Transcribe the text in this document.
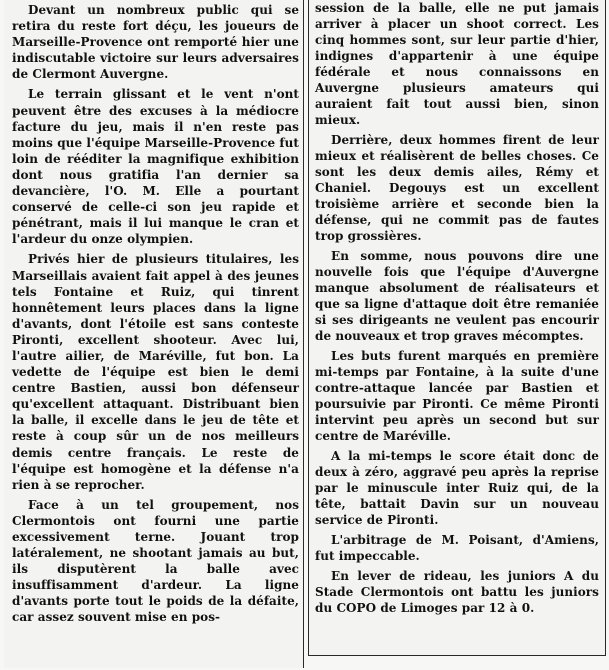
Devant un nombreux public qui se retira du reste fort déçu, les joueurs de Marseille-Provence ont remporté hier une indiscutable victoire sur leurs adversaires de Clermont Auvergne.

Le terrain glissant et le vent n'ont peuvent être des excuses à la médiocre facture du jeu, mais il n'en reste pas moins que l'équipe Marseille-Provence fut loin de rééditer la magnifique exhibition dont nous gratifia l'an dernier sa devancière, l'O. M. Elle a pourtant conservé de celle-ci son jeu rapide et pénétrant, mais il lui manque le cran et l'ardeur du onze olympien.

Privés hier de plusieurs titulaires, les Marseillais avaient fait appel à des jeunes tels Fontaine et Ruiz, qui tinrent honnêtement leurs places dans la ligne d'avants, dont l'étoile est sans conteste Pironti, excellent shooteur. Avec lui, l'autre ailier, de Maréville, fut bon. La vedette de l'équipe est bien le demi centre Bastien, aussi bon défenseur qu'excellent attaquant. Distribuant bien la balle, il excelle dans le jeu de tête et reste à coup sûr un de nos meilleurs demis centre français. Le reste de l'équipe est homogène et la défense n'a rien à se reprocher.

Face à un tel groupement, nos Clermontois ont fourni une partie excessivement terne. Jouant trop latéralement, ne shootant jamais au but, ils disputèrent la balle avec insuffisamment d'ardeur. La ligne d'avants porte tout le poids de la défaite, car assez souvent mise en pos-

session de la balle, elle ne put jamais arriver à placer un shoot correct. Les cinq hommes sont, sur leur partie d'hier, indignes d'appartenir à une équipe fédérale et nous connaissons en Auvergne plusieurs amateurs qui auraient fait tout aussi bien, sinon mieux.

Derrière, deux hommes firent de leur mieux et réalisèrent de belles choses. Ce sont les deux demis ailes, Rémy et Chaniel. Degouys est un excellent troisième arrière et seconde bien la défense, qui ne commit pas de fautes trop grossières.

En somme, nous pouvons dire une nouvelle fois que l'équipe d'Auvergne manque absolument de réalisateurs et que sa ligne d'attaque doit être remaniée si ses dirigeants ne veulent pas encourir de nouveaux et trop graves mécomptes.

Les buts furent marqués en première mi-temps par Fontaine, à la suite d'une contre-attaque lancée par Bastien et poursuivie par Pironti. Ce même Pironti intervint peu après un second but sur centre de Maréville.

A la mi-temps le score était donc de deux à zéro, aggravé peu après la reprise par le minuscule inter Ruiz qui, de la tête, battait Davin sur un nouveau service de Pironti.

L'arbitrage de M. Poisant, d'Amiens, fut impeccable.

En lever de rideau, les juniors A du Stade Clermontois ont battu les juniors du COPO de Limoges par 12 à 0.
